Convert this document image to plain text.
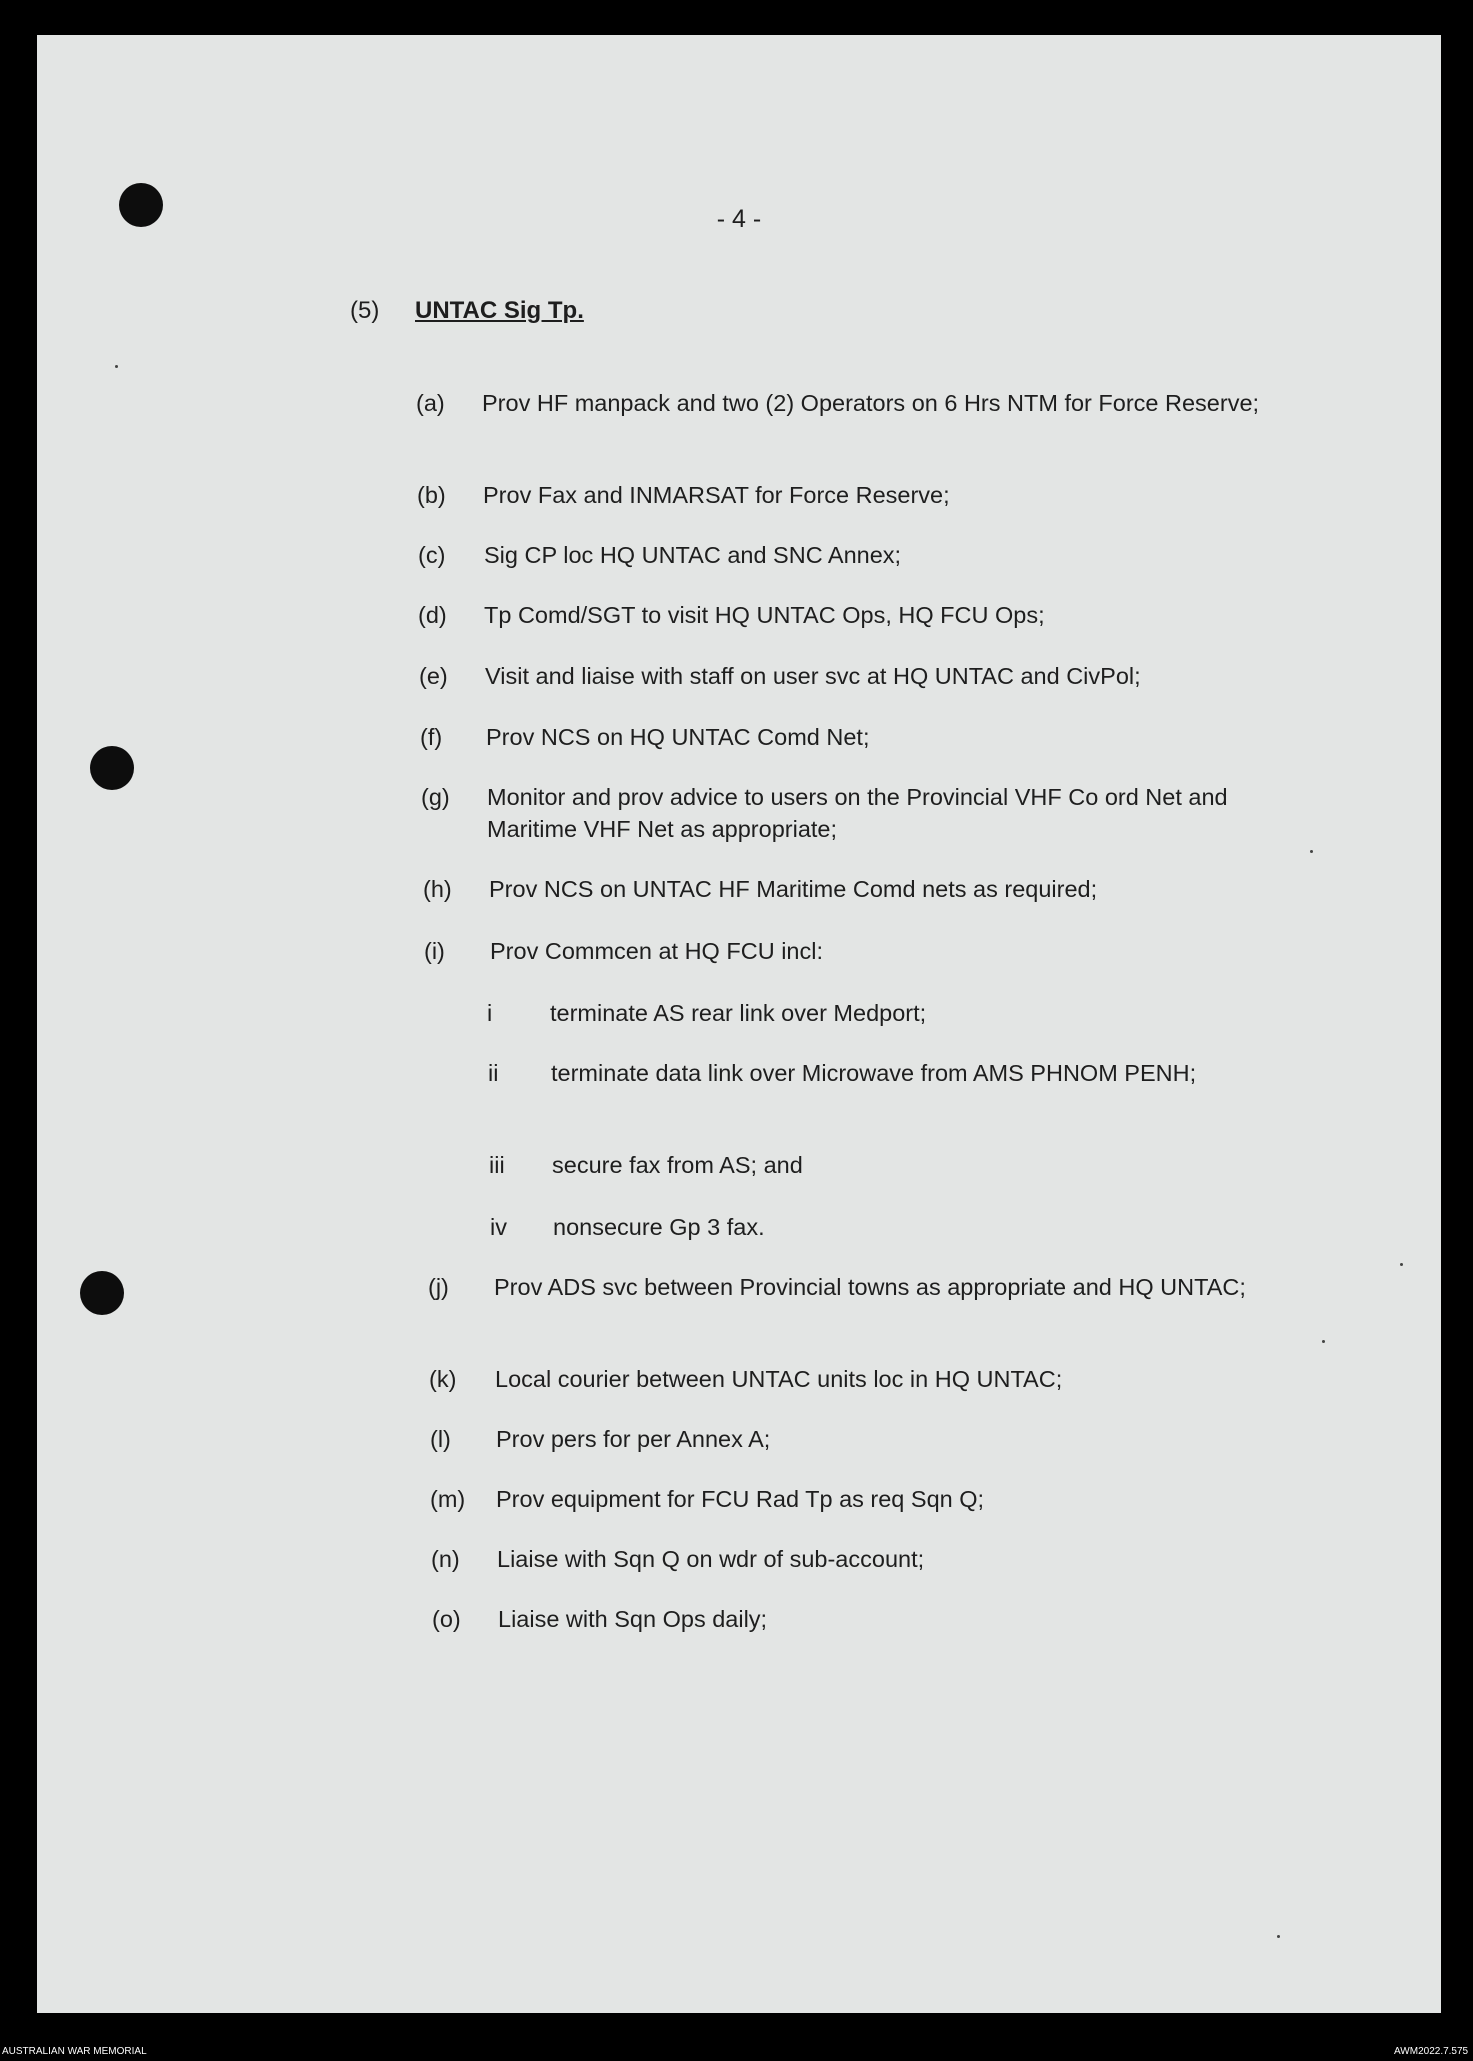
- 4 -
(5) UNTAC Sig Tp.
(a) Prov HF manpack and two (2) Operators on 6 Hrs NTM for Force Reserve;
(b) Prov Fax and INMARSAT for Force Reserve;
(c) Sig CP loc HQ UNTAC and SNC Annex;
(d) Tp Comd/SGT to visit HQ UNTAC Ops, HQ FCU Ops;
(e) Visit and liaise with staff on user svc at HQ UNTAC and CivPol;
(f) Prov NCS on HQ UNTAC Comd Net;
(g) Monitor and prov advice to users on the Provincial VHF Co ord Net and Maritime VHF Net as appropriate;
(h) Prov NCS on UNTAC HF Maritime Comd nets as required;
(i) Prov Commcen at HQ FCU incl:
i terminate AS rear link over Medport;
ii terminate data link over Microwave from AMS PHNOM PENH;
iii secure fax from AS; and
iv nonsecure Gp 3 fax.
(j) Prov ADS svc between Provincial towns as appropriate and HQ UNTAC;
(k) Local courier between UNTAC units loc in HQ UNTAC;
(l) Prov pers for per Annex A;
(m) Prov equipment for FCU Rad Tp as req Sqn Q;
(n) Liaise with Sqn Q on wdr of sub-account;
(o) Liaise with Sqn Ops daily;
AUSTRALIAN WAR MEMORIAL	AWM2022.7.575
